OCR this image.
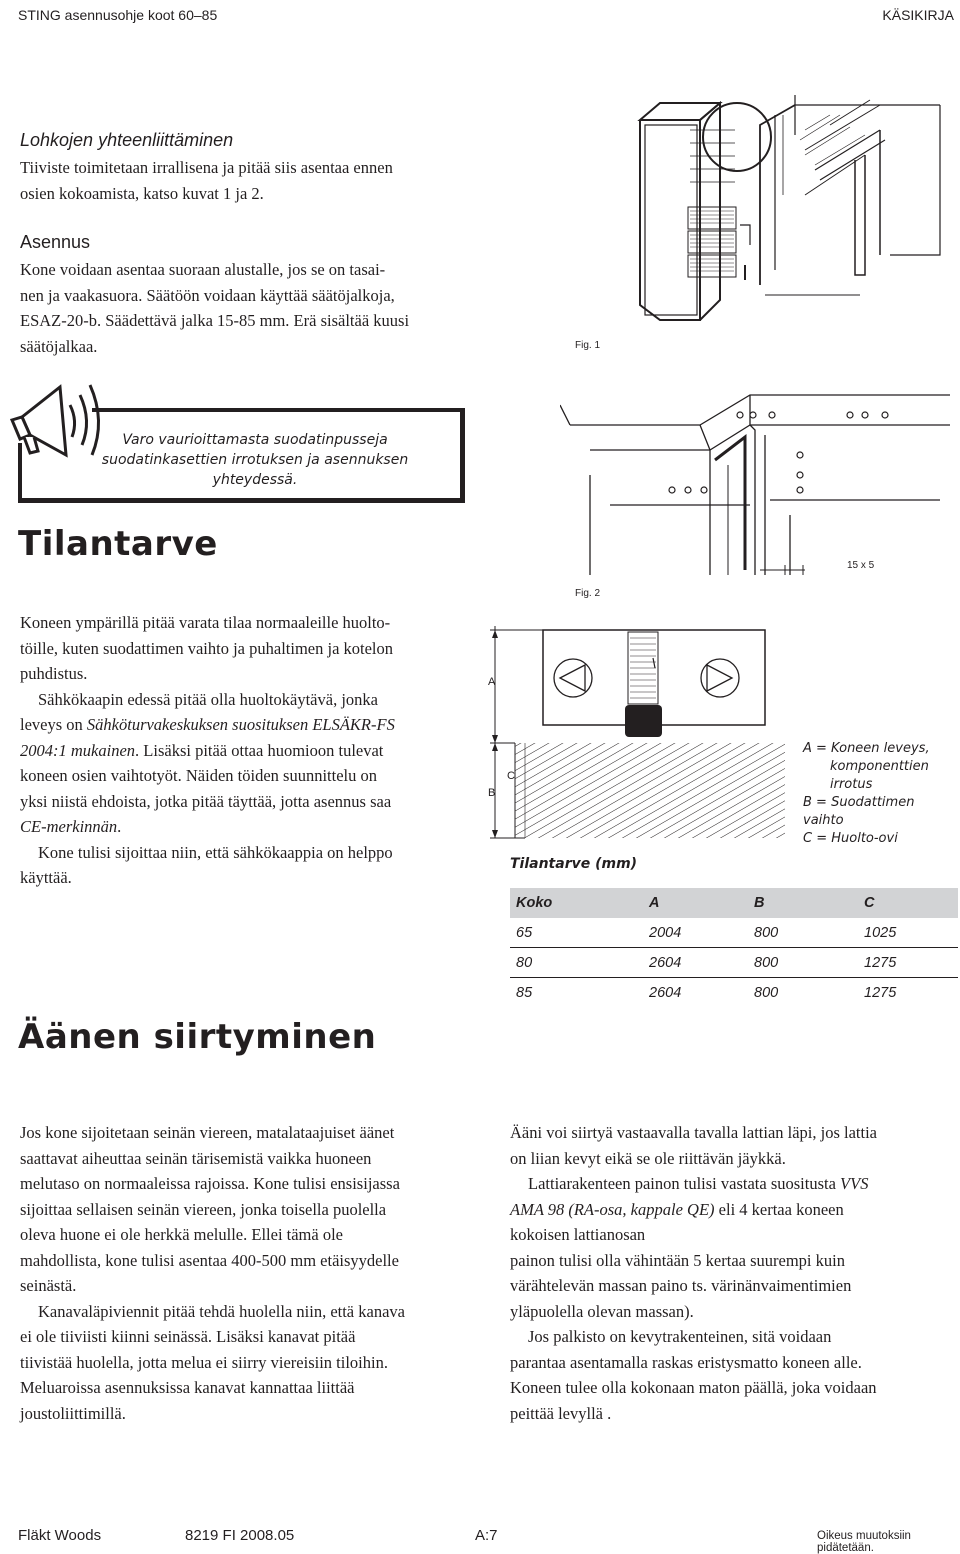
STING asennusohje koot 60–85	KÄSIKIRJA
Lohkojen yhteenliittäminen

Tiiviste toimitetaan irrallisena ja pitää siis asentaa ennen

osien kokoamista, katso kuvat 1 ja 2.

Asennus

Kone voidaan asentaa suoraan alustalle, jos se on tasai-

nen ja vaakasuora. Säätöön voidaan käyttää säätöjalkoja,

ESAZ-20-b. Säädettävä jalka 15-85 mm. Erä sisältää kuusi

säätöjalkaa.	Fig. 1
Varo vaurioittamasta suodatinpusseja
suodatinkasettien irrotuksen ja asennuksen
yhteydessä.
15 x 5
Fig. 2
Tilantarve

Koneen ympärillä pitää varata tilaa normaaleille huolto-

töille, kuten suodattimen vaihto ja puhaltimen ja kotelon

puhdistus.

Sähkökaapin edessä pitää olla huoltokäytävä, jonka

leveys on Sähköturvakeskuksen suosituksen ELSÄKR-FS

2004:1 mukainen. Lisäksi pitää ottaa huomioon tulevat

koneen osien vaihtotyöt. Näiden töiden suunnittelu on

yksi niistä ehdoista, jotka pitää täyttää, jotta asennus saa

CE-merkinnän.

Kone tulisi sijoittaa niin, että sähkökaappia on helppo

käyttää.

A
B
C
A = Koneen leveys,
komponenttien
irrotus
B = Suodattimen vaihto
C = Huolto-ovi
Tilantarve (mm)
Koko	A	B	C
65	2004	800	1025
80	2604	800	1275
85	2604	800	1275
Äänen siirtyminen

Jos kone sijoitetaan seinän viereen, matalataajuiset äänet

saattavat aiheuttaa seinän tärisemistä vaikka huoneen

melutaso on normaaleissa rajoissa. Kone tulisi ensisijassa

sijoittaa sellaisen seinän viereen, jonka toisella puolella

oleva huone ei ole herkkä melulle. Ellei tämä ole

mahdollista, kone tulisi asentaa 400-500 mm etäisyydelle

seinästä.

Kanavaläpiviennit pitää tehdä huolella niin, että kanava

ei ole tiiviisti kiinni seinässä. Lisäksi kanavat pitää

tiivistää huolella, jotta melua ei siirry viereisiin tiloihin.

Meluaroissa asennuksissa kanavat kannattaa liittää

joustoliittimillä.

Ääni voi siirtyä vastaavalla tavalla lattian läpi, jos lattia

on liian kevyt eikä se ole riittävän jäykkä.

Lattiarakenteen painon tulisi vastata suositusta VVS

AMA 98 (RA-osa, kappale QE) eli 4 kertaa koneen

kokoisen lattianosan

painon tulisi olla vähintään 5 kertaa suurempi kuin

värähtelevän massan paino ts. värinänvaimentimien

yläpuolella olevan massan).

Jos palkisto on kevytrakenteinen, sitä voidaan

parantaa asentamalla raskas eristysmatto koneen alle.

Koneen tulee olla kokonaan maton päällä, joka voidaan

peittää levyllä .

Fläkt Woods	8219 FI 2008.05	A:7	Oikeus muutoksiin pidätetään.
